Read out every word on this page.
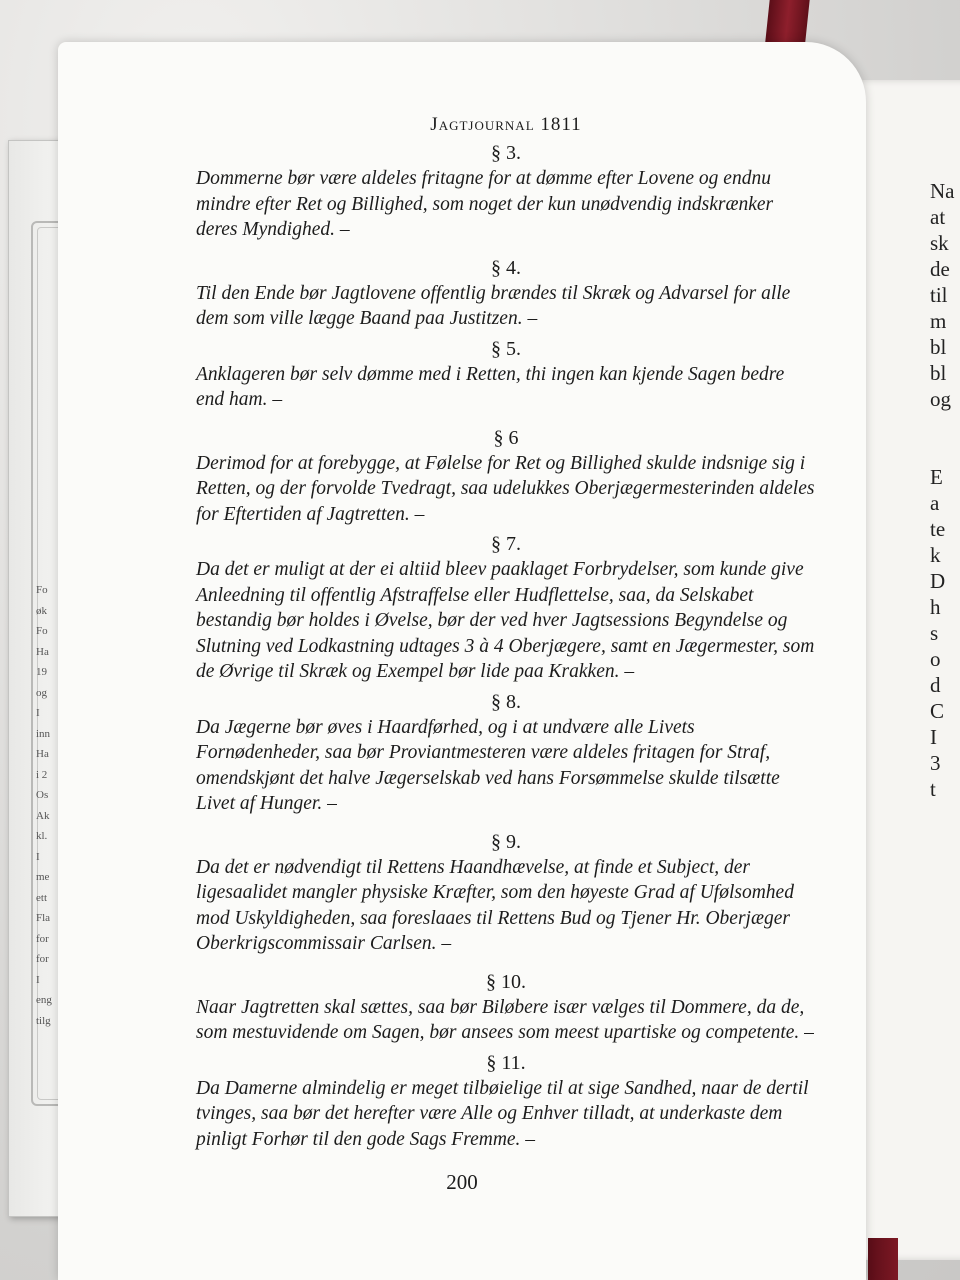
Fo
øk
Fo
Ha
19
og
I
inn
Ha
i 2
Os
Ak
kl.
I
me
ett
Fla
for
for
I
eng
tilg
Na
at
sk
de
til
m
bl
bl
og

E
a
te
k
D
h
s
o
d
C
I
3
t
Jagtjournal 1811
§ 3.

Dommerne bør være aldeles fritagne for at dømme efter Lovene og endnu mindre efter Ret og Billighed, som noget der kun unødvendig indskrænker deres Myndighed. –

§ 4.

Til den Ende bør Jagtlovene offentlig brændes til Skræk og Advarsel for alle dem som ville lægge Baand paa Justitzen. –

§ 5.

Anklageren bør selv dømme med i Retten, thi ingen kan kjende Sagen bedre end ham. –

§ 6

Derimod for at forebygge, at Følelse for Ret og Billighed skulde indsnige sig i Retten, og der forvolde Tvedragt, saa udelukkes Oberjægermesterinden aldeles for Eftertiden af Jagtretten. –

§ 7.

Da det er muligt at der ei altiid bleev paaklaget Forbrydelser, som kunde give Anleedning til offentlig Afstraffelse eller Hudflettelse, saa, da Selskabet bestandig bør holdes i Øvelse, bør der ved hver Jagtsessions Begyndelse og Slutning ved Lodkastning udtages 3 à 4 Oberjægere, samt en Jægermester, som de Øvrige til Skræk og Exempel bør lide paa Krakken. –

§ 8.

Da Jægerne bør øves i Haardførhed, og i at undvære alle Livets Fornødenheder, saa bør Proviantmesteren være aldeles fritagen for Straf, omendskjønt det halve Jægerselskab ved hans Forsømmelse skulde tilsætte Livet af Hunger. –

§ 9.

Da det er nødvendigt til Rettens Haandhævelse, at finde et Subject, der ligesaalidet mangler physiske Kræfter, som den høyeste Grad af Ufølsomhed mod Uskyldigheden, saa foreslaaes til Rettens Bud og Tjener Hr. Oberjæger Oberkrigscommissair Carlsen. –

§ 10.

Naar Jagtretten skal sættes, saa bør Biløbere især vælges til Dommere, da de, som mestuvidende om Sagen, bør ansees som meest upartiske og competente. –

§ 11.

Da Damerne almindelig er meget tilbøielige til at sige Sandhed, naar de dertil tvinges, saa bør det herefter være Alle og Enhver tilladt, at underkaste dem pinligt Forhør til den gode Sags Fremme. –

200
